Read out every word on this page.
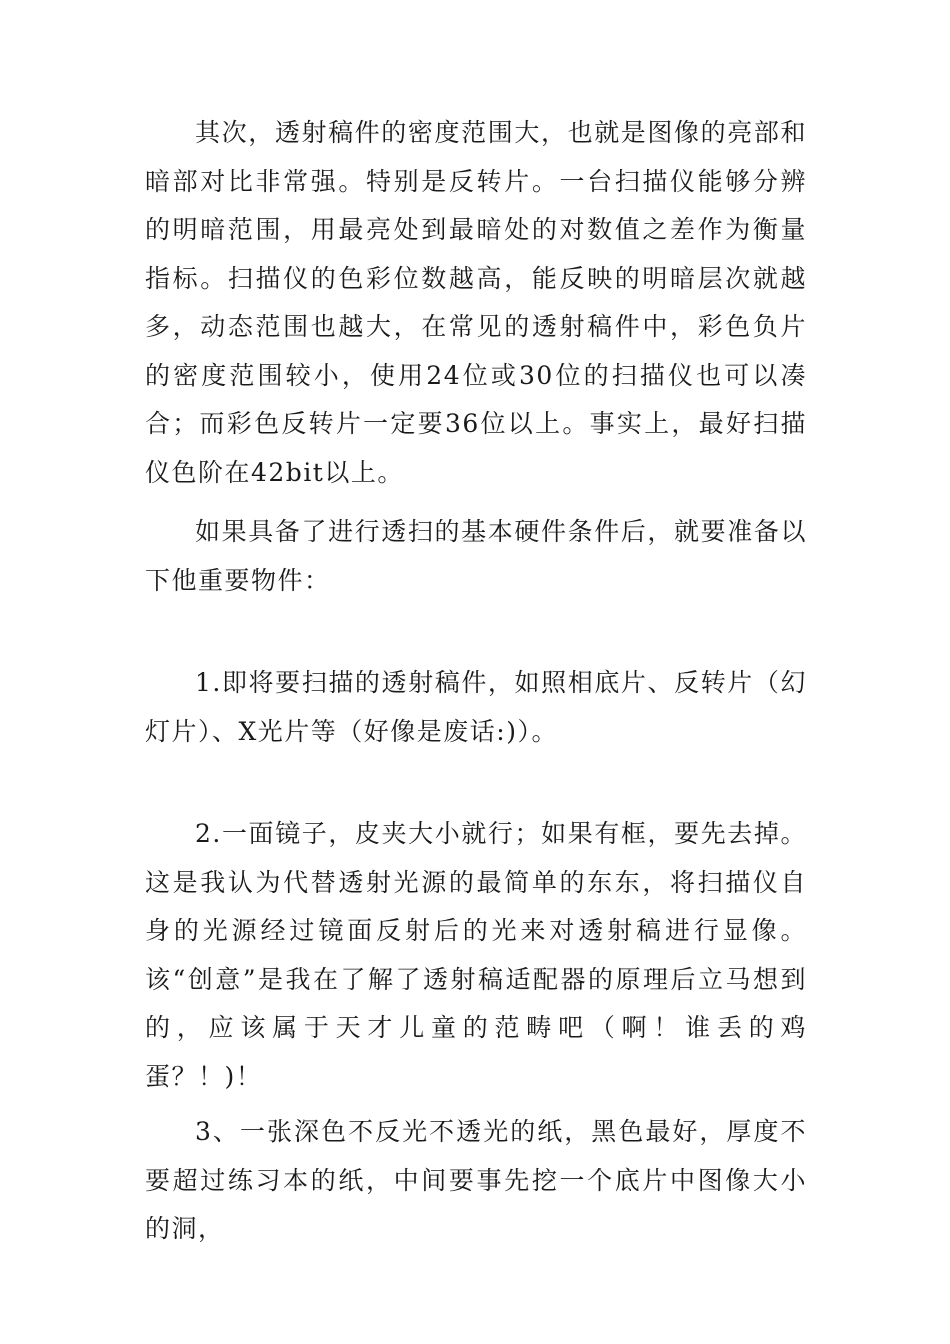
其次，透射稿件的密度范围大，也就是图像的亮部和暗部对比非常强。特别是反转片。一台扫描仪能够分辨的明暗范围，用最亮处到最暗处的对数值之差作为衡量指标。扫描仪的色彩位数越高，能反映的明暗层次就越多，动态范围也越大，在常见的透射稿件中，彩色负片的密度范围较小，使用24位或30位的扫描仪也可以凑合；而彩色反转片一定要36位以上。事实上，最好扫描仪色阶在42bit以上。

如果具备了进行透扫的基本硬件条件后，就要准备以下他重要物件：

1.即将要扫描的透射稿件，如照相底片、反转片（幻灯片）、X光片等（好像是废话:)）。

2.一面镜子，皮夹大小就行；如果有框，要先去掉。这是我认为代替透射光源的最简单的东东，将扫描仪自身的光源经过镜面反射后的光来对透射稿进行显像。该“创意”是我在了解了透射稿适配器的原理后立马想到的，应该属于天才儿童的范畴吧（啊！谁丢的鸡蛋？！)！

3、一张深色不反光不透光的纸，黑色最好，厚度不要超过练习本的纸，中间要事先挖一个底片中图像大小的洞，
